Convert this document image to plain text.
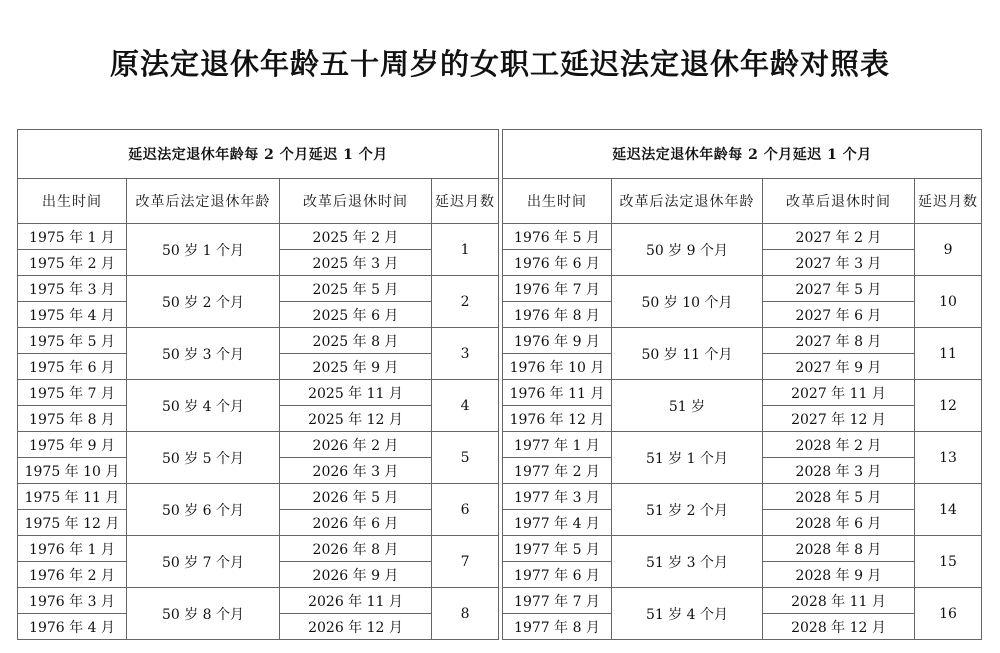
原法定退休年龄五十周岁的女职工延迟法定退休年龄对照表
延迟法定退休年龄每 2 个月延迟 1 个月			
出生时间	改革后法定退休年龄	改革后退休时间	延迟月数
1975 年 1 月	50 岁 1 个月	2025 年 2 月	1
1975 年 2 月		2025 年 3 月	
1975 年 3 月	50 岁 2 个月	2025 年 5 月	2
1975 年 4 月		2025 年 6 月	
1975 年 5 月	50 岁 3 个月	2025 年 8 月	3
1975 年 6 月		2025 年 9 月	
1975 年 7 月	50 岁 4 个月	2025 年 11 月	4
1975 年 8 月		2025 年 12 月	
1975 年 9 月	50 岁 5 个月	2026 年 2 月	5
1975 年 10 月		2026 年 3 月	
1975 年 11 月	50 岁 6 个月	2026 年 5 月	6
1975 年 12 月		2026 年 6 月	
1976 年 1 月	50 岁 7 个月	2026 年 8 月	7
1976 年 2 月		2026 年 9 月	
1976 年 3 月	50 岁 8 个月	2026 年 11 月	8
1976 年 4 月		2026 年 12 月	
延迟法定退休年龄每 2 个月延迟 1 个月			
出生时间	改革后法定退休年龄	改革后退休时间	延迟月数
1976 年 5 月	50 岁 9 个月	2027 年 2 月	9
1976 年 6 月		2027 年 3 月	
1976 年 7 月	50 岁 10 个月	2027 年 5 月	10
1976 年 8 月		2027 年 6 月	
1976 年 9 月	50 岁 11 个月	2027 年 8 月	11
1976 年 10 月		2027 年 9 月	
1976 年 11 月	51 岁	2027 年 11 月	12
1976 年 12 月		2027 年 12 月	
1977 年 1 月	51 岁 1 个月	2028 年 2 月	13
1977 年 2 月		2028 年 3 月	
1977 年 3 月	51 岁 2 个月	2028 年 5 月	14
1977 年 4 月		2028 年 6 月	
1977 年 5 月	51 岁 3 个月	2028 年 8 月	15
1977 年 6 月		2028 年 9 月	
1977 年 7 月	51 岁 4 个月	2028 年 11 月	16
1977 年 8 月		2028 年 12 月	
